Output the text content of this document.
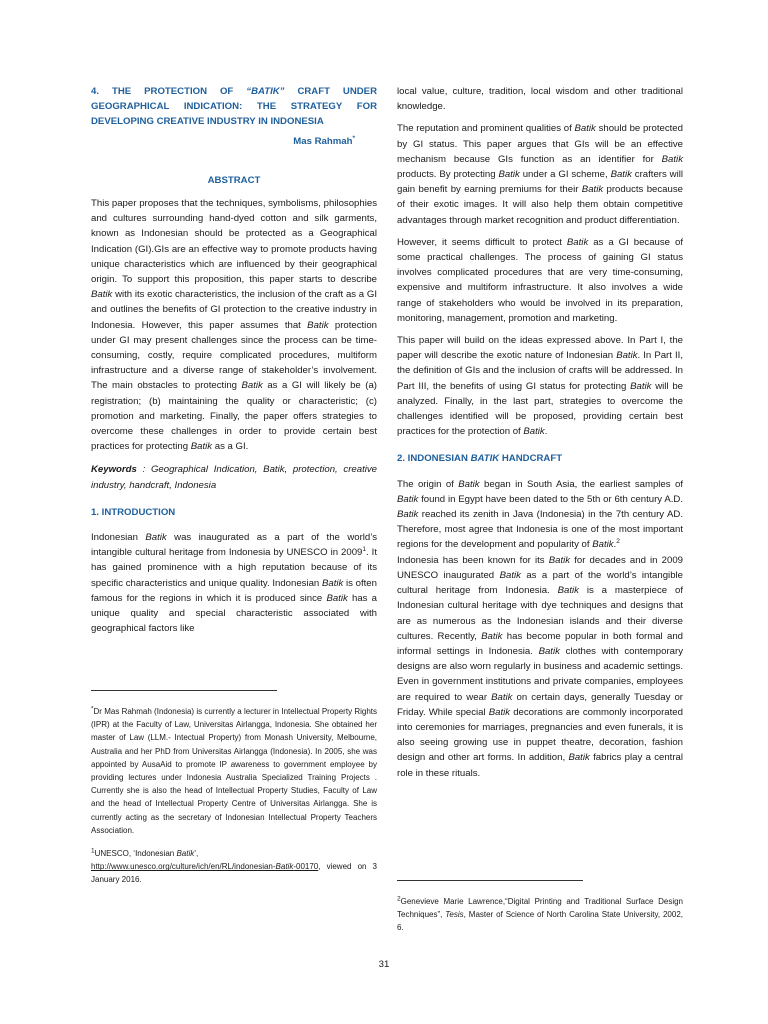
4. THE PROTECTION OF “BATIK” CRAFT UNDER GEOGRAPHICAL INDICATION: THE STRATEGY FOR DEVELOPING CREATIVE INDUSTRY IN INDONESIA
Mas Rahmah*
ABSTRACT

This paper proposes that the techniques, symbolisms, philosophies and cultures surrounding hand-dyed cotton and silk garments, known as Indonesian should be protected as a Geographical Indication (GI).GIs are an effective way to promote products having unique characteristics which are influenced by their geographical origin. To support this proposition, this paper starts to describe Batik with its exotic characteristics, the inclusion of the craft as a GI and outlines the benefits of GI protection to the creative industry in Indonesia. However, this paper assumes that Batik protection under GI may present challenges since the process can be time-consuming, costly, require complicated procedures, multiform infrastructure and a diverse range of stakeholder’s involvement. The main obstacles to protecting Batik as a GI will likely be (a) registration; (b) maintaining the quality or characteristic; (c) promotion and marketing. Finally, the paper offers strategies to overcome these challenges in order to provide certain best practices for protecting Batik as a GI.

Keywords : Geographical Indication, Batik, protection, creative industry, handcraft, Indonesia

1. INTRODUCTION

Indonesian Batik was inaugurated as a part of the world’s intangible cultural heritage from Indonesia by UNESCO in 2009$^1$. It has gained prominence with a high reputation because of its specific characteristics and unique quality. Indonesian Batik is often famous for the regions in which it is produced since Batik has a unique quality and special characteristic associated with geographical factors like

*Dr Mas Rahmah (Indonesia) is currently a lecturer in Intellectual Property Rights (IPR) at the Faculty of Law, Universitas Airlangga, Indonesia. She obtained her master of Law (LLM.- Intectual Property) from Monash University, Melbourne, Australia and her PhD from Universitas Airlangga (Indonesia). In 2005, she was appointed by AusaAid to promote IP awareness to government employee by providing lectures under Indonesia Australia Specialized Training Projects . Currently she is also the head of Intellectual Property Studies, Faculty of Law and the head of Intellectual Property Centre of Universitas Airlangga. She is currently acting as the secretary of Indonesian Intellectual Property Teachers Association.

$^1$UNESCO, ‘Indonesian Batik’,
http://www.unesco.org/culture/ich/en/RL/indonesian-Batik-00170, viewed on 3 January 2016.

local value, culture, tradition, local wisdom and other traditional knowledge.

The reputation and prominent qualities of Batik should be protected by GI status. This paper argues that GIs will be an effective mechanism because GIs function as an identifier for Batik products. By protecting Batik under a GI scheme, Batik crafters will gain benefit by earning premiums for their Batik products because of their exotic images. It will also help them obtain competitive advantages through market recognition and product differentiation.

However, it seems difficult to protect Batik as a GI because of some practical challenges. The process of gaining GI status involves complicated procedures that are very time-consuming, expensive and multiform infrastructure. It also involves a wide range of stakeholders who would be involved in its preparation, monitoring, management, promotion and marketing.

This paper will build on the ideas expressed above. In Part I, the paper will describe the exotic nature of Indonesian Batik. In Part II, the definition of GIs and the inclusion of crafts will be addressed. In Part III, the benefits of using GI status for protecting Batik will be analyzed. Finally, in the last part, strategies to overcome the challenges identified will be proposed, providing certain best practices for the protection of Batik.

2. INDONESIAN BATIK HANDCRAFT

The origin of Batik began in South Asia, the earliest samples of Batik found in Egypt have been dated to the 5th or 6th century A.D. Batik reached its zenith in Java (Indonesia) in the 7th century AD. Therefore, most agree that Indonesia is one of the most important regions for the development and popularity of Batik.$^2$

Indonesia has been known for its Batik for decades and in 2009 UNESCO inaugurated Batik as a part of the world’s intangible cultural heritage from Indonesia. Batik is a masterpiece of Indonesian cultural heritage with dye techniques and designs that are as numerous as the Indonesian islands and their diverse cultures. Recently, Batik has become popular in both formal and informal settings in Indonesia. Batik clothes with contemporary designs are also worn regularly in business and academic settings. Even in government institutions and private companies, employees are required to wear Batik on certain days, generally Tuesday or Friday. While special Batik decorations are commonly incorporated into ceremonies for marriages, pregnancies and even funerals, it is also seeing growing use in puppet theatre, decoration, fashion design and other art forms. In addition, Batik fabrics play a central role in these rituals.

$^2$Genevieve Marie Lawrence,“Digital Printing and Traditional Surface Design Techniques”, Tesis, Master of Science of North Carolina State University, 2002, 6.

31
